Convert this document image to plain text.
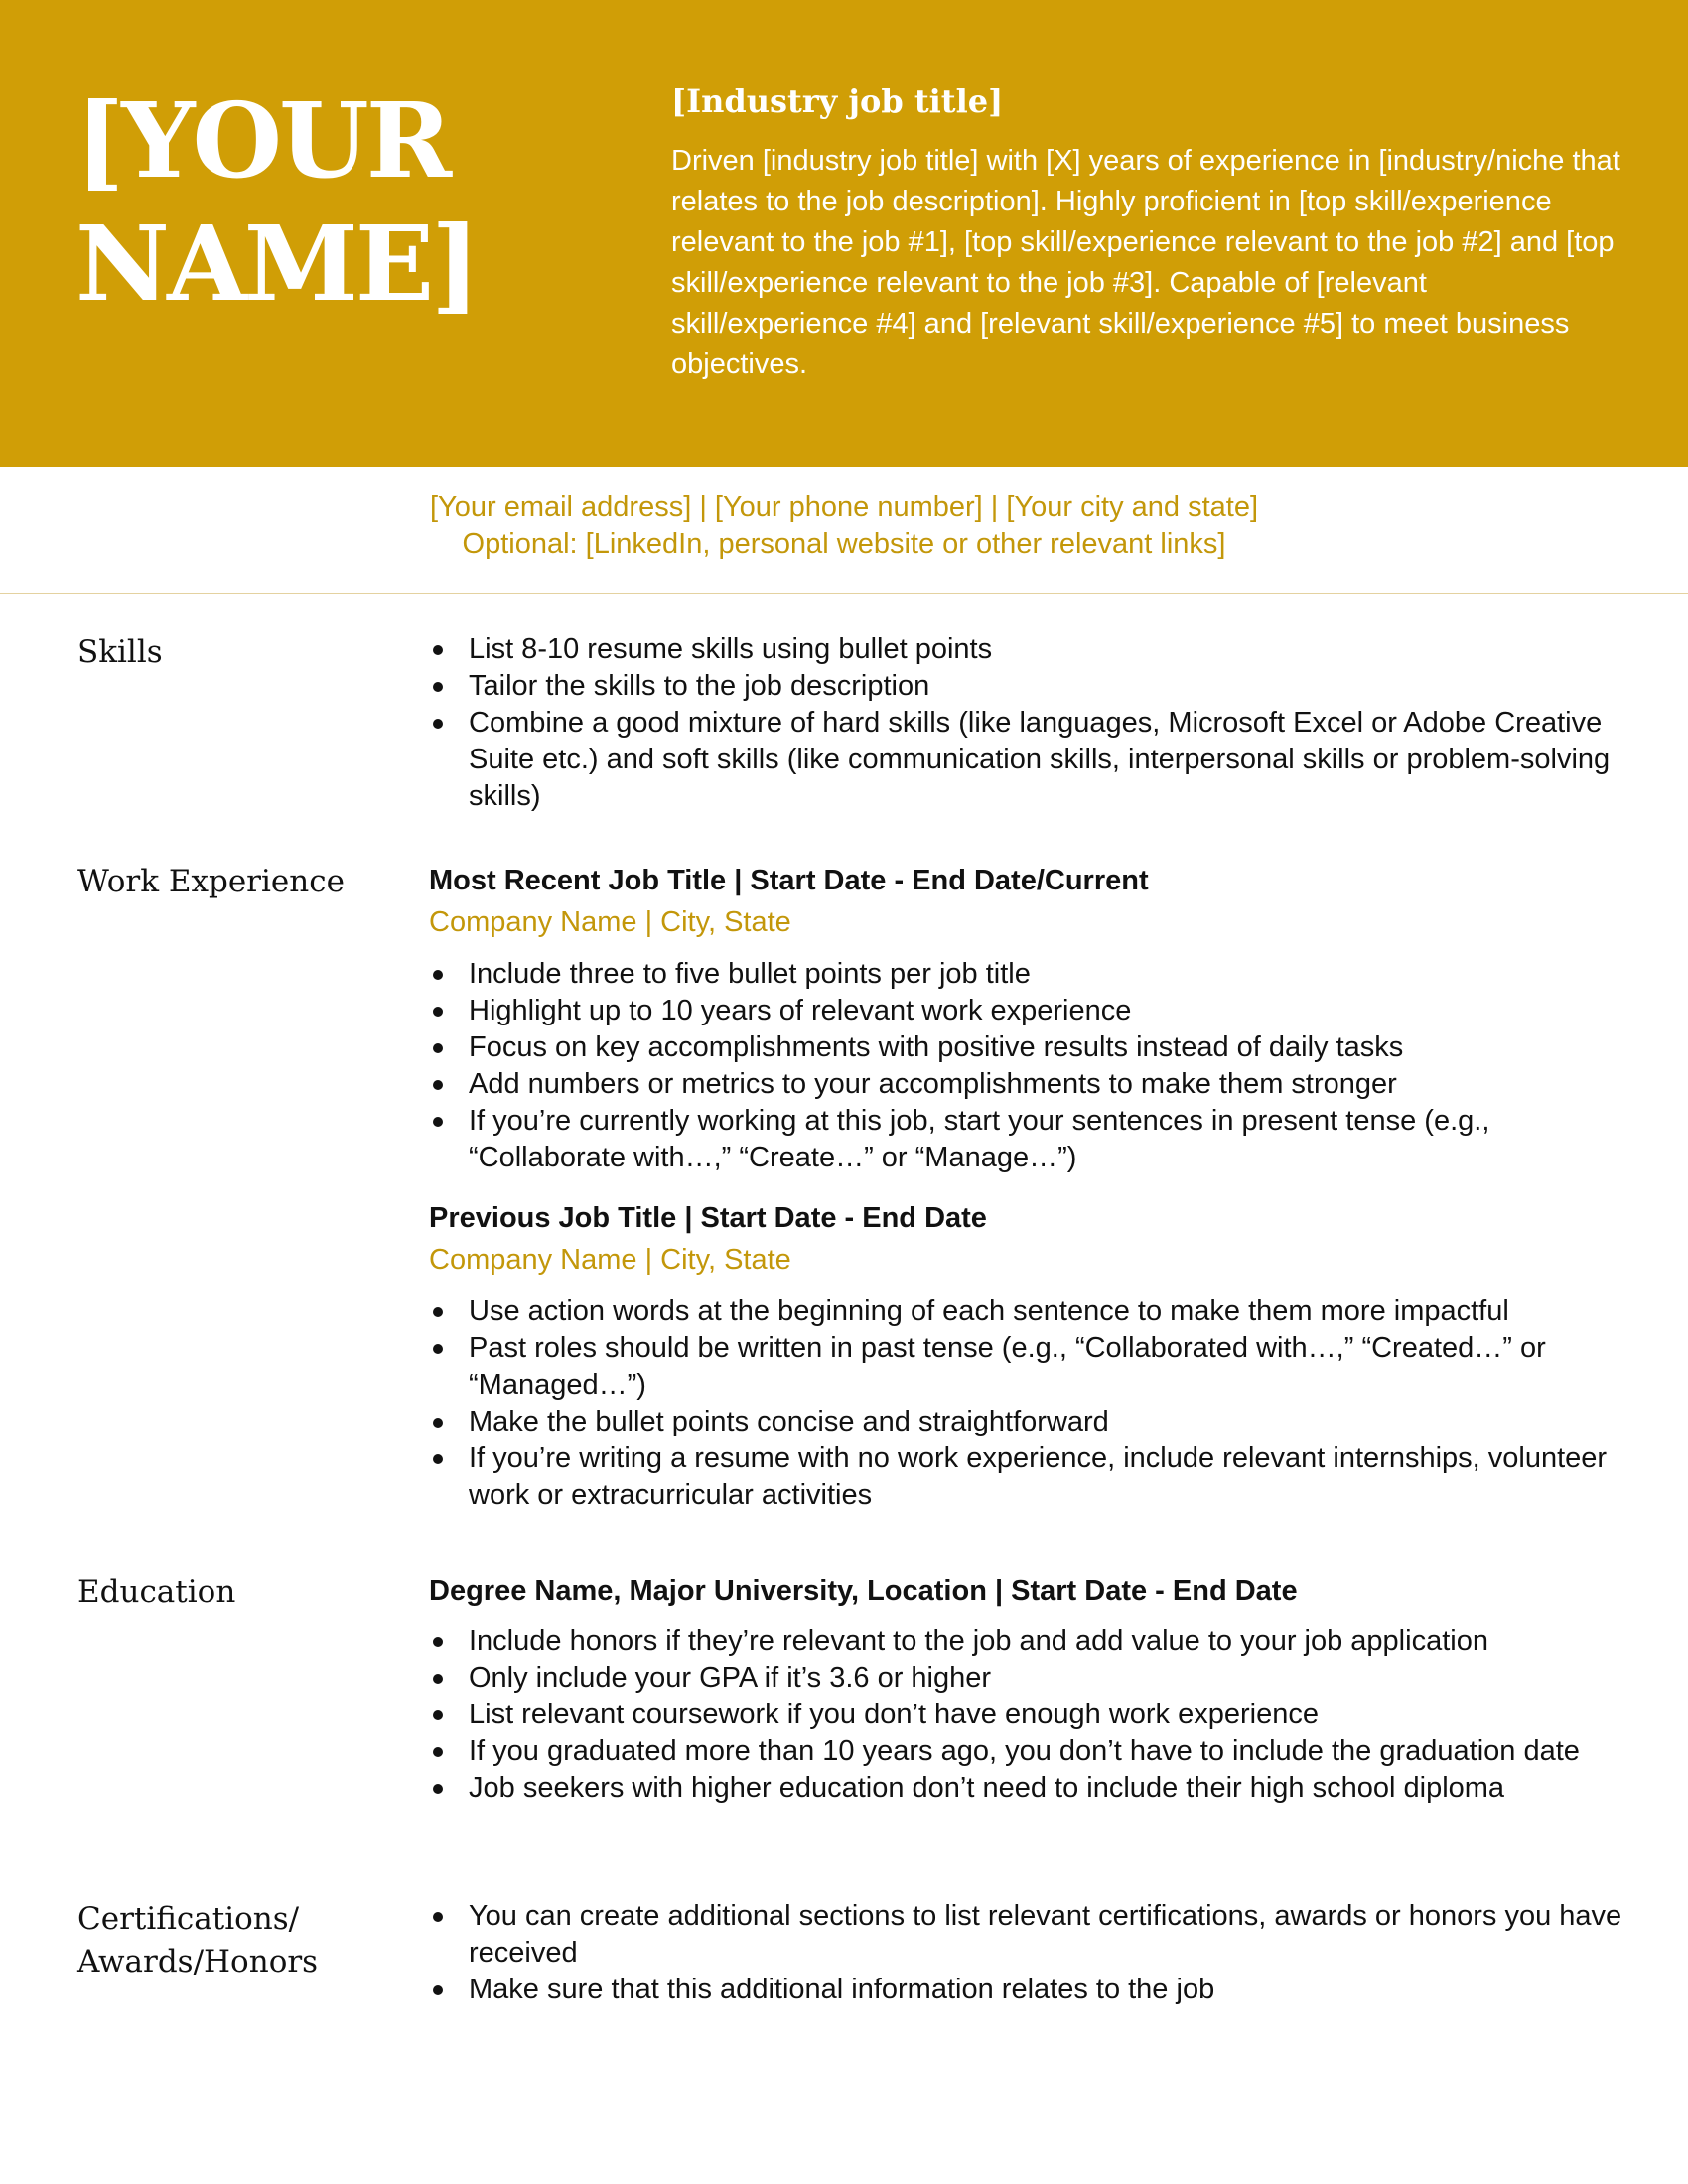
[YOUR
NAME]
[Industry job title]

Driven [industry job title] with [X] years of experience in [industry/niche that relates to the job description]. Highly proficient in [top skill/experience relevant to the job #1], [top skill/experience relevant to the job #2] and [top skill/experience relevant to the job #3]. Capable of [relevant skill/experience #4] and [relevant skill/experience #5] to meet business objectives.

[Your email address] | [Your phone number] | [Your city and state]
Optional: [LinkedIn, personal website or other relevant links]
Skills	List 8-10 resume skills using bullet points
Tailor the skills to the job description
Combine a good mixture of hard skills (like languages, Microsoft Excel or Adobe Creative Suite etc.) and soft skills (like communication skills, interpersonal skills or problem-solving skills)
Work Experience	Most Recent Job Title | Start Date - End Date/Current
Company Name | City, State
Include three to five bullet points per job title
Highlight up to 10 years of relevant work experience
Focus on key accomplishments with positive results instead of daily tasks
Add numbers or metrics to your accomplishments to make them stronger
If you’re currently working at this job, start your sentences in present tense (e.g., “Collaborate with…,” “Create…” or “Manage…”)
Previous Job Title | Start Date - End Date
Company Name | City, State
Use action words at the beginning of each sentence to make them more impactful
Past roles should be written in past tense (e.g., “Collaborated with…,” “Created…” or “Managed…”)
Make the bullet points concise and straightforward
If you’re writing a resume with no work experience, include relevant internships, volunteer work or extracurricular activities
Education	Degree Name, Major University, Location | Start Date - End Date
Include honors if they’re relevant to the job and add value to your job application
Only include your GPA if it’s 3.6 or higher
List relevant coursework if you don’t have enough work experience
If you graduated more than 10 years ago, you don’t have to include the graduation date
Job seekers with higher education don’t need to include their high school diploma
Certifications/
Awards/Honors
You can create additional sections to list relevant certifications, awards or honors you have received
Make sure that this additional information relates to the job
